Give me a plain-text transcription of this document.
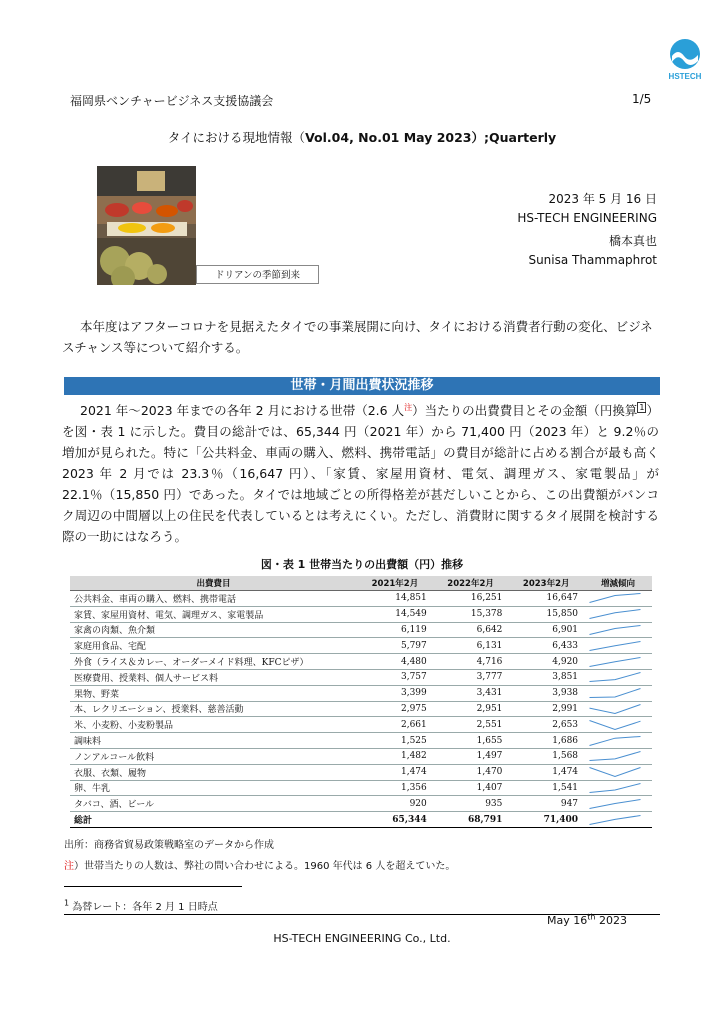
HSTECH
福岡県ベンチャービジネス支援協議会	1/5
タイにおける現地情報（Vol.04, No.01 May 2023）;Quarterly
ドリアンの季節到来
2023 年 5 月 16 日
HS-TECH ENGINEERING
橋本真也
Sunisa Thammaphrot
本年度はアフターコロナを見据えたタイでの事業展開に向け、タイにおける消費者行動の変化、ビジネスチャンス等について紹介する。
世帯・月間出費状況推移
2021 年～2023 年までの各年 2 月における世帯（2.6 人$^注$）当たりの出費費目とその金額（円換算 $^1$ ）を図・表 1 に示した。費目の総計では、65,344 円（2021 年）から 71,400 円（2023 年）と 9.2％の増加が見られた。特に「公共料金、車両の購入、燃料、携帯電話」の費目が総計に占める割合が最も高く 2023 年 2 月では 23.3％（16,647 円）、「家賃、家屋用資材、電気、調理ガス、家電製品」が 22.1％（15,850 円）であった。タイでは地域ごとの所得格差が甚だしいことから、この出費額がバンコク周辺の中間層以上の住民を代表しているとは考えにくい。ただし、消費財に関するタイ展開を検討する際の一助にはなろう。
図・表 1 世帯当たりの出費額（円）推移
出費費目	2021年2月	2022年2月	2023年2月	増減傾向
公共料金、車両の購入、燃料、携帯電話	14,851	16,251	16,647	

家賃、家屋用資材、電気、調理ガス、家電製品	14,549	15,378	15,850	

家禽の肉類、魚介類	6,119	6,642	6,901	

家庭用食品、宅配	5,797	6,131	6,433	

外食（ライス＆カレー、オーダーメイド料理、KFCピザ）	4,480	4,716	4,920	

医療費用、授業料、個人サービス料	3,757	3,777	3,851	

果物、野菜	3,399	3,431	3,938	

本、レクリエーション、授業料、慈善活動	2,975	2,951	2,991	

米、小麦粉、小麦粉製品	2,661	2,551	2,653	

調味料	1,525	1,655	1,686	

ノンアルコール飲料	1,482	1,497	1,568	

衣服、衣類、履物	1,474	1,470	1,474	

卵、牛乳	1,356	1,407	1,541	

タバコ、酒、ビール	920	935	947	

総計	65,344	68,791	71,400	
出所：商務省貿易政策戦略室のデータから作成
注）世帯当たりの人数は、弊社の問い合わせによる。1960 年代は 6 人を超えていた。
$^1$ 為替レート：各年 2 月 1 日時点
May 16th 2023
HS-TECH ENGINEERING Co., Ltd.
